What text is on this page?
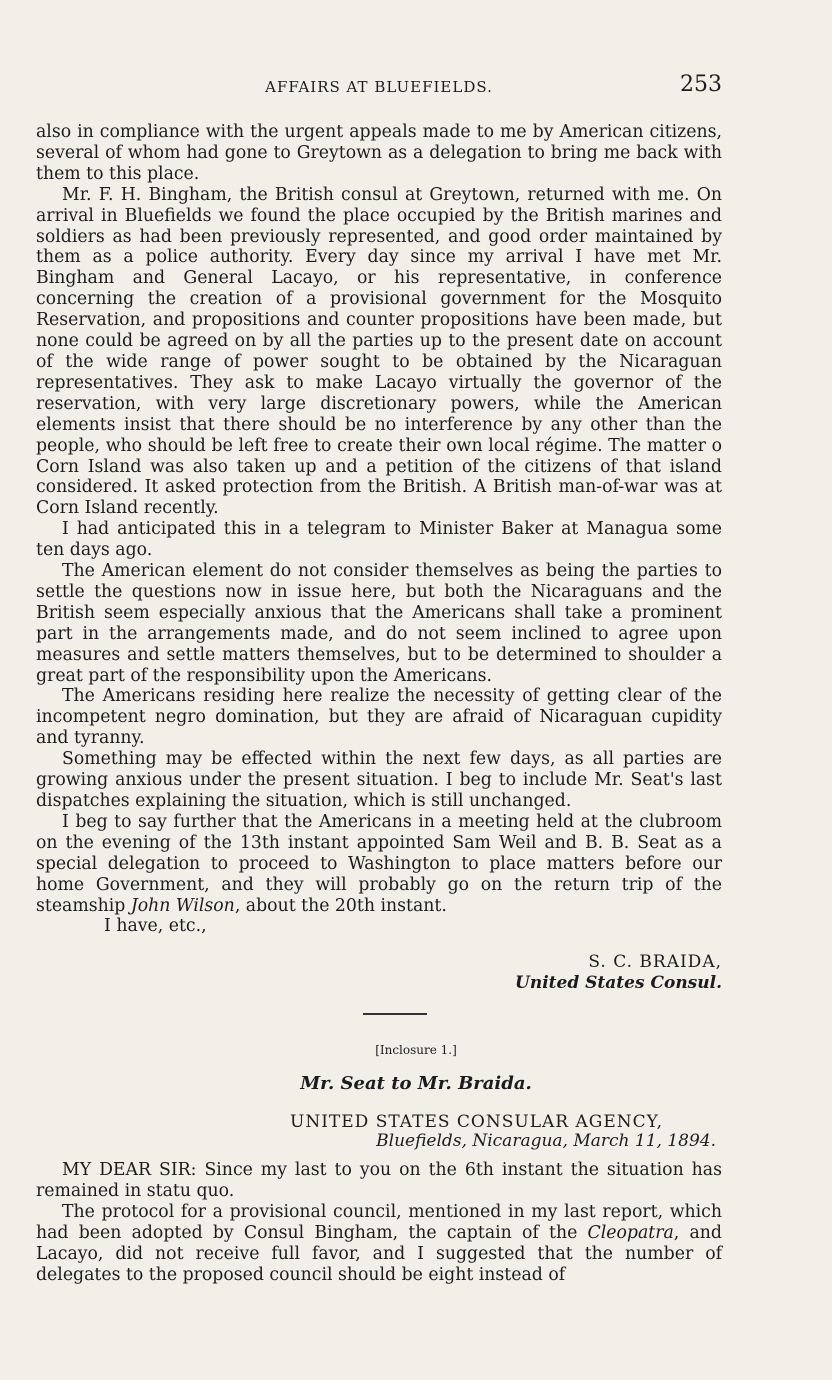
AFFAIRS AT BLUEFIELDS.	253

also in compliance with the urgent appeals made to me by American citizens, several of whom had gone to Greytown as a delegation to bring me back with them to this place.

Mr. F. H. Bingham, the British consul at Greytown, returned with me. On arrival in Bluefields we found the place occupied by the British marines and soldiers as had been previously represented, and good order maintained by them as a police authority. Every day since my arrival I have met Mr. Bingham and General Lacayo, or his representative, in conference concerning the creation of a provisional government for the Mosquito Reservation, and propositions and counter propositions have been made, but none could be agreed on by all the parties up to the present date on account of the wide range of power sought to be obtained by the Nicaraguan representatives. They ask to make Lacayo virtually the governor of the reservation, with very large discretionary powers, while the American elements insist that there should be no interference by any other than the people, who should be left free to create their own local régime. The matter o Corn Island was also taken up and a petition of the citizens of that island considered. It asked protection from the British. A British man-of-war was at Corn Island recently.

I had anticipated this in a telegram to Minister Baker at Managua some ten days ago.

The American element do not consider themselves as being the parties to settle the questions now in issue here, but both the Nicaraguans and the British seem especially anxious that the Americans shall take a prominent part in the arrangements made, and do not seem inclined to agree upon measures and settle matters themselves, but to be determined to shoulder a great part of the responsibility upon the Americans.

The Americans residing here realize the necessity of getting clear of the incompetent negro domination, but they are afraid of Nicaraguan cupidity and tyranny.

Something may be effected within the next few days, as all parties are growing anxious under the present situation. I beg to include Mr. Seat's last dispatches explaining the situation, which is still unchanged.

I beg to say further that the Americans in a meeting held at the clubroom on the evening of the 13th instant appointed Sam Weil and B. B. Seat as a special delegation to proceed to Washington to place matters before our home Government, and they will probably go on the return trip of the steamship John Wilson, about the 20th instant.

I have, etc.,

S. C. BRAIDA,
United States Consul.
[Inclosure 1.]
Mr. Seat to Mr. Braida.
UNITED STATES CONSULAR AGENCY,
Bluefields, Nicaragua, March 11, 1894.

MY DEAR SIR: Since my last to you on the 6th instant the situation has remained in statu quo.

The protocol for a provisional council, mentioned in my last report, which had been adopted by Consul Bingham, the captain of the Cleopatra, and Lacayo, did not receive full favor, and I suggested that the number of delegates to the proposed council should be eight instead of
